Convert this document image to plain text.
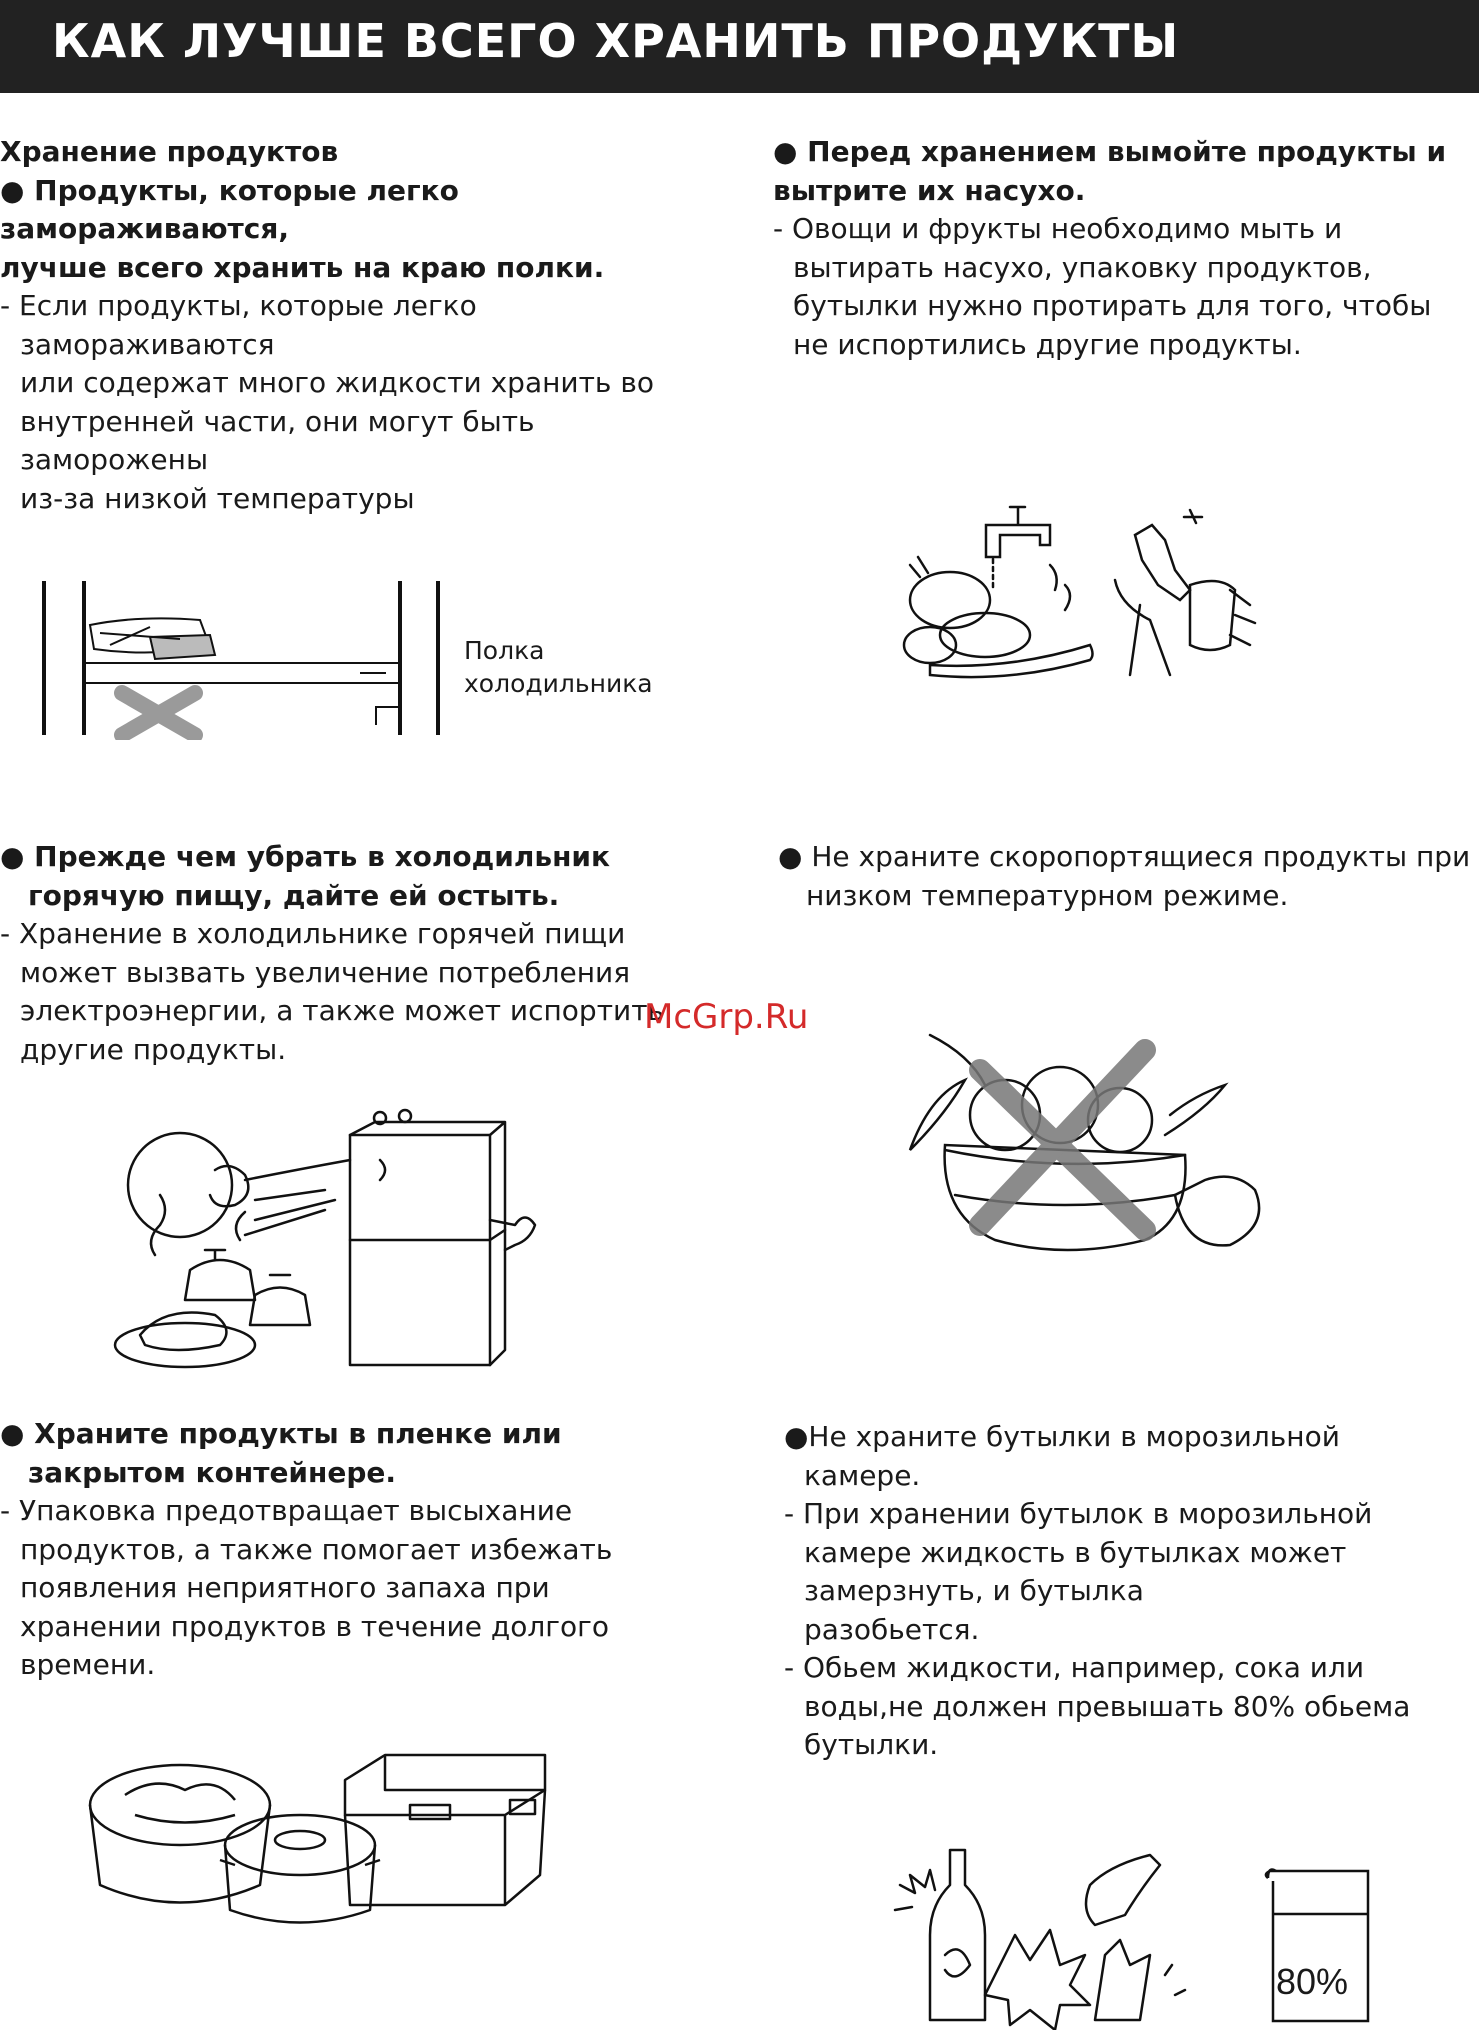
КАК ЛУЧШЕ ВСЕГО ХРАНИТЬ ПРОДУКТЫ
Хранение продуктов
● Продукты, которые легко
замораживаются,
лучше всего хранить на краю полки.
- Если продукты, которые легко
замораживаются
или содержат много жидкости хранить во
внутренней части, они могут быть
заморожены
из-за низкой температуры
Полка
холодильника
● Перед хранением вымойте продукты и
вытрите их насухо.
- Овощи и фрукты необходимо мыть и
вытирать насухо, упаковку продуктов,
бутылки нужно протирать для того, чтобы
не испортились другие продукты.
● Прежде чем убрать в холодильник
горячую пищу, дайте ей остыть.
- Хранение в холодильнике горячей пищи
может вызвать увеличение потребления
электроэнергии, а также может испортить
другие продукты.
● Не храните скоропортящиеся продукты при
низком температурном режиме.
● Храните продукты в пленке или
закрытом контейнере.
- Упаковка предотвращает высыхание
продуктов, а также помогает избежать
появления неприятного запаха при
хранении продуктов в течение долгого
времени.
●Не храните бутылки в морозильной
камере.
- При хранении бутылок в морозильной
камере жидкость в бутылках может
замерзнуть, и бутылка
разобьется.
- Обьем жидкости, например, сока или
воды,не должен превышать 80% обьема
бутылки.
80%
McGrp.Ru
